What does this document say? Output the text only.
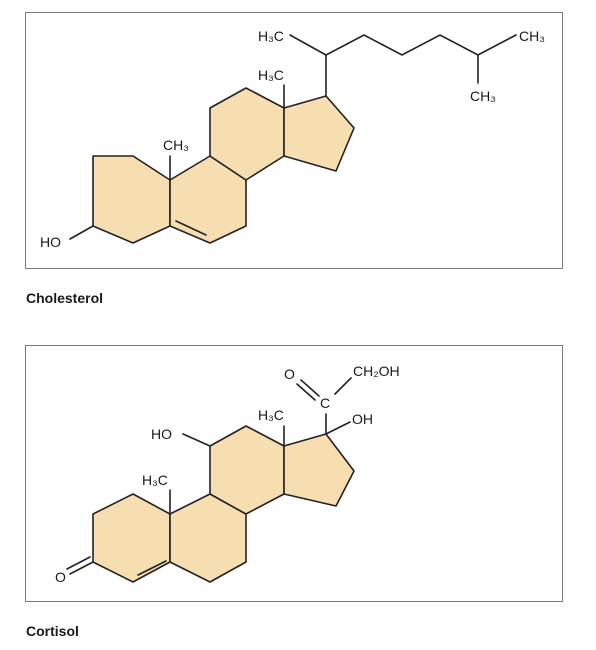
HO
CH₃
H₃C
H₃C
CH₃
CH₃
Cholesterol
O
H₃C
HO
H₃C	OH
C
O	CH₂OH
Cortisol
